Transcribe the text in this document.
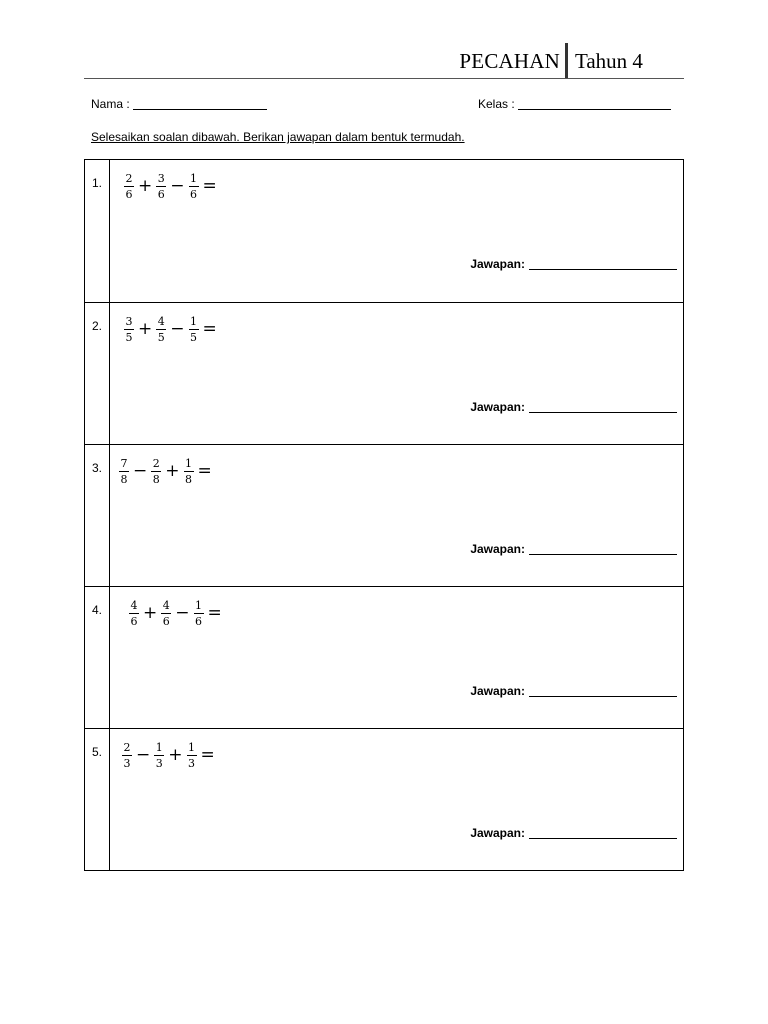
PECAHAN Tahun 4
Nama :	Kelas :
Selesaikan soalan dibawah. Berikan jawapan dalam bentuk termudah.
1. $\frac{2}{6} + \frac{3}{6} - \frac{1}{6}$ =
Jawapan:
2. $\frac{3}{5} + \frac{4}{5} - \frac{1}{5}$ =
Jawapan:
3. $\frac{7}{8} - \frac{2}{8} + \frac{1}{8}$ =
Jawapan:
4. $\frac{4}{6} + \frac{4}{6} - \frac{1}{6}$ =
Jawapan:
5. $\frac{2}{3} - \frac{1}{3} + \frac{1}{3}$ =
Jawapan:
